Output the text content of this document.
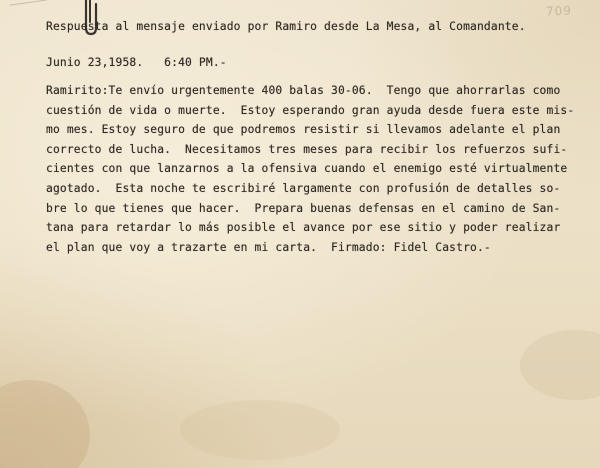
709
Respuesta al mensaje enviado por Ramiro desde La Mesa, al Comandante.
Junio 23,1958.   6:40 PM.-
Ramirito:Te envío urgentemente 400 balas 30-06.  Tengo que ahorrarlas como
cuestión de vida o muerte.  Estoy esperando gran ayuda desde fuera este mis-
mo mes. Estoy seguro de que podremos resistir si llevamos adelante el plan
correcto de lucha.  Necesitamos tres meses para recibir los refuerzos sufi-
cientes con que lanzarnos a la ofensiva cuando el enemigo esté virtualmente
agotado.  Esta noche te escribiré largamente con profusión de detalles so-
bre lo que tienes que hacer.  Prepara buenas defensas en el camino de San-
tana para retardar lo más posible el avance por ese sitio y poder realizar
el plan que voy a trazarte en mi carta.  Firmado: Fidel Castro.-
